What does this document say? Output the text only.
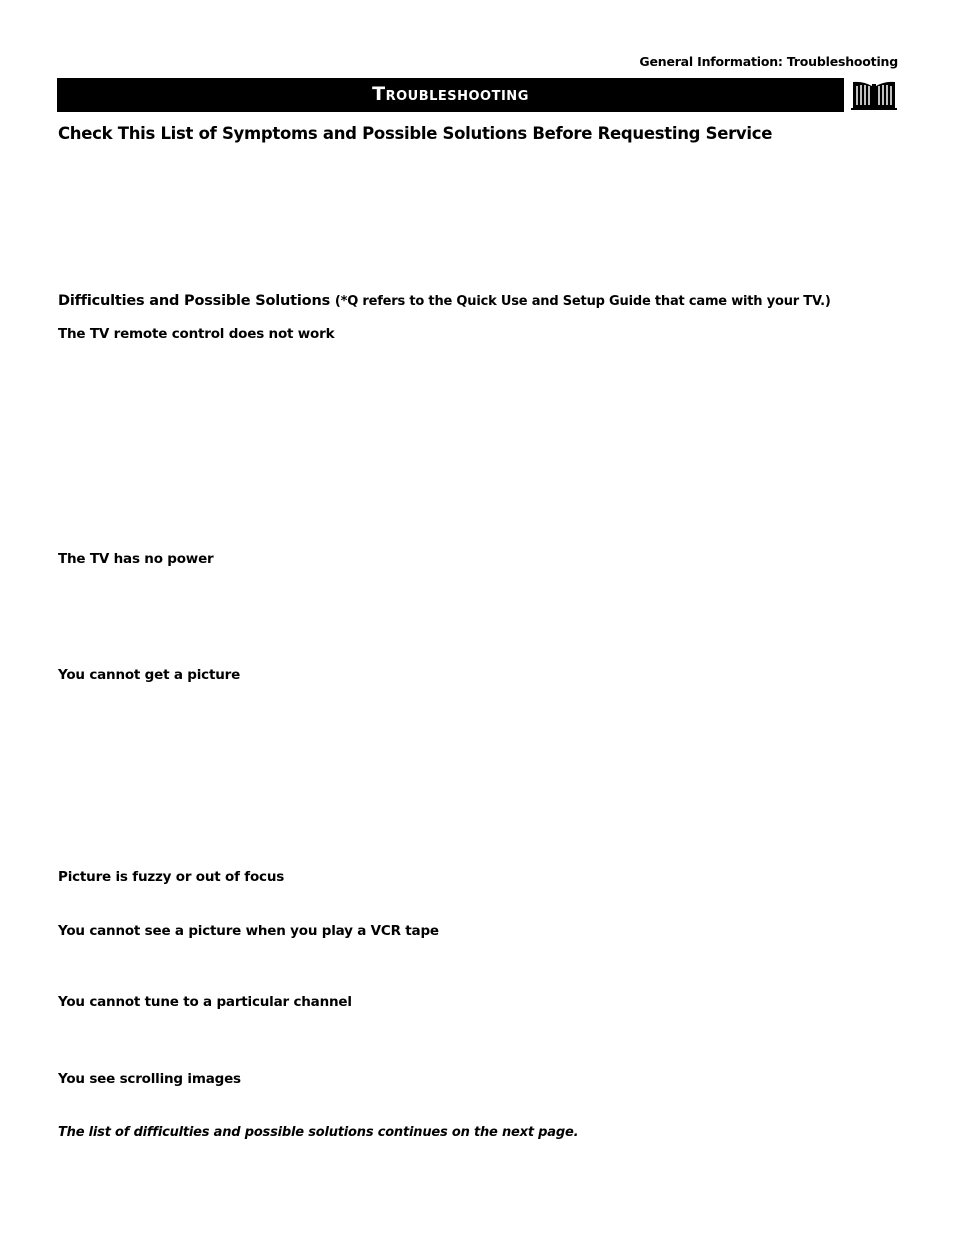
General Information: Troubleshooting
Troubleshooting
Check This List of Symptoms and Possible Solutions Before Requesting Service
Difficulties and Possible Solutions (*Q refers to the Quick Use and Setup Guide that came with your TV.)
The TV remote control does not work
The TV has no power
You cannot get a picture
Picture is fuzzy or out of focus
You cannot see a picture when you play a VCR tape
You cannot tune to a particular channel
You see scrolling images
The list of difficulties and possible solutions continues on the next page.
